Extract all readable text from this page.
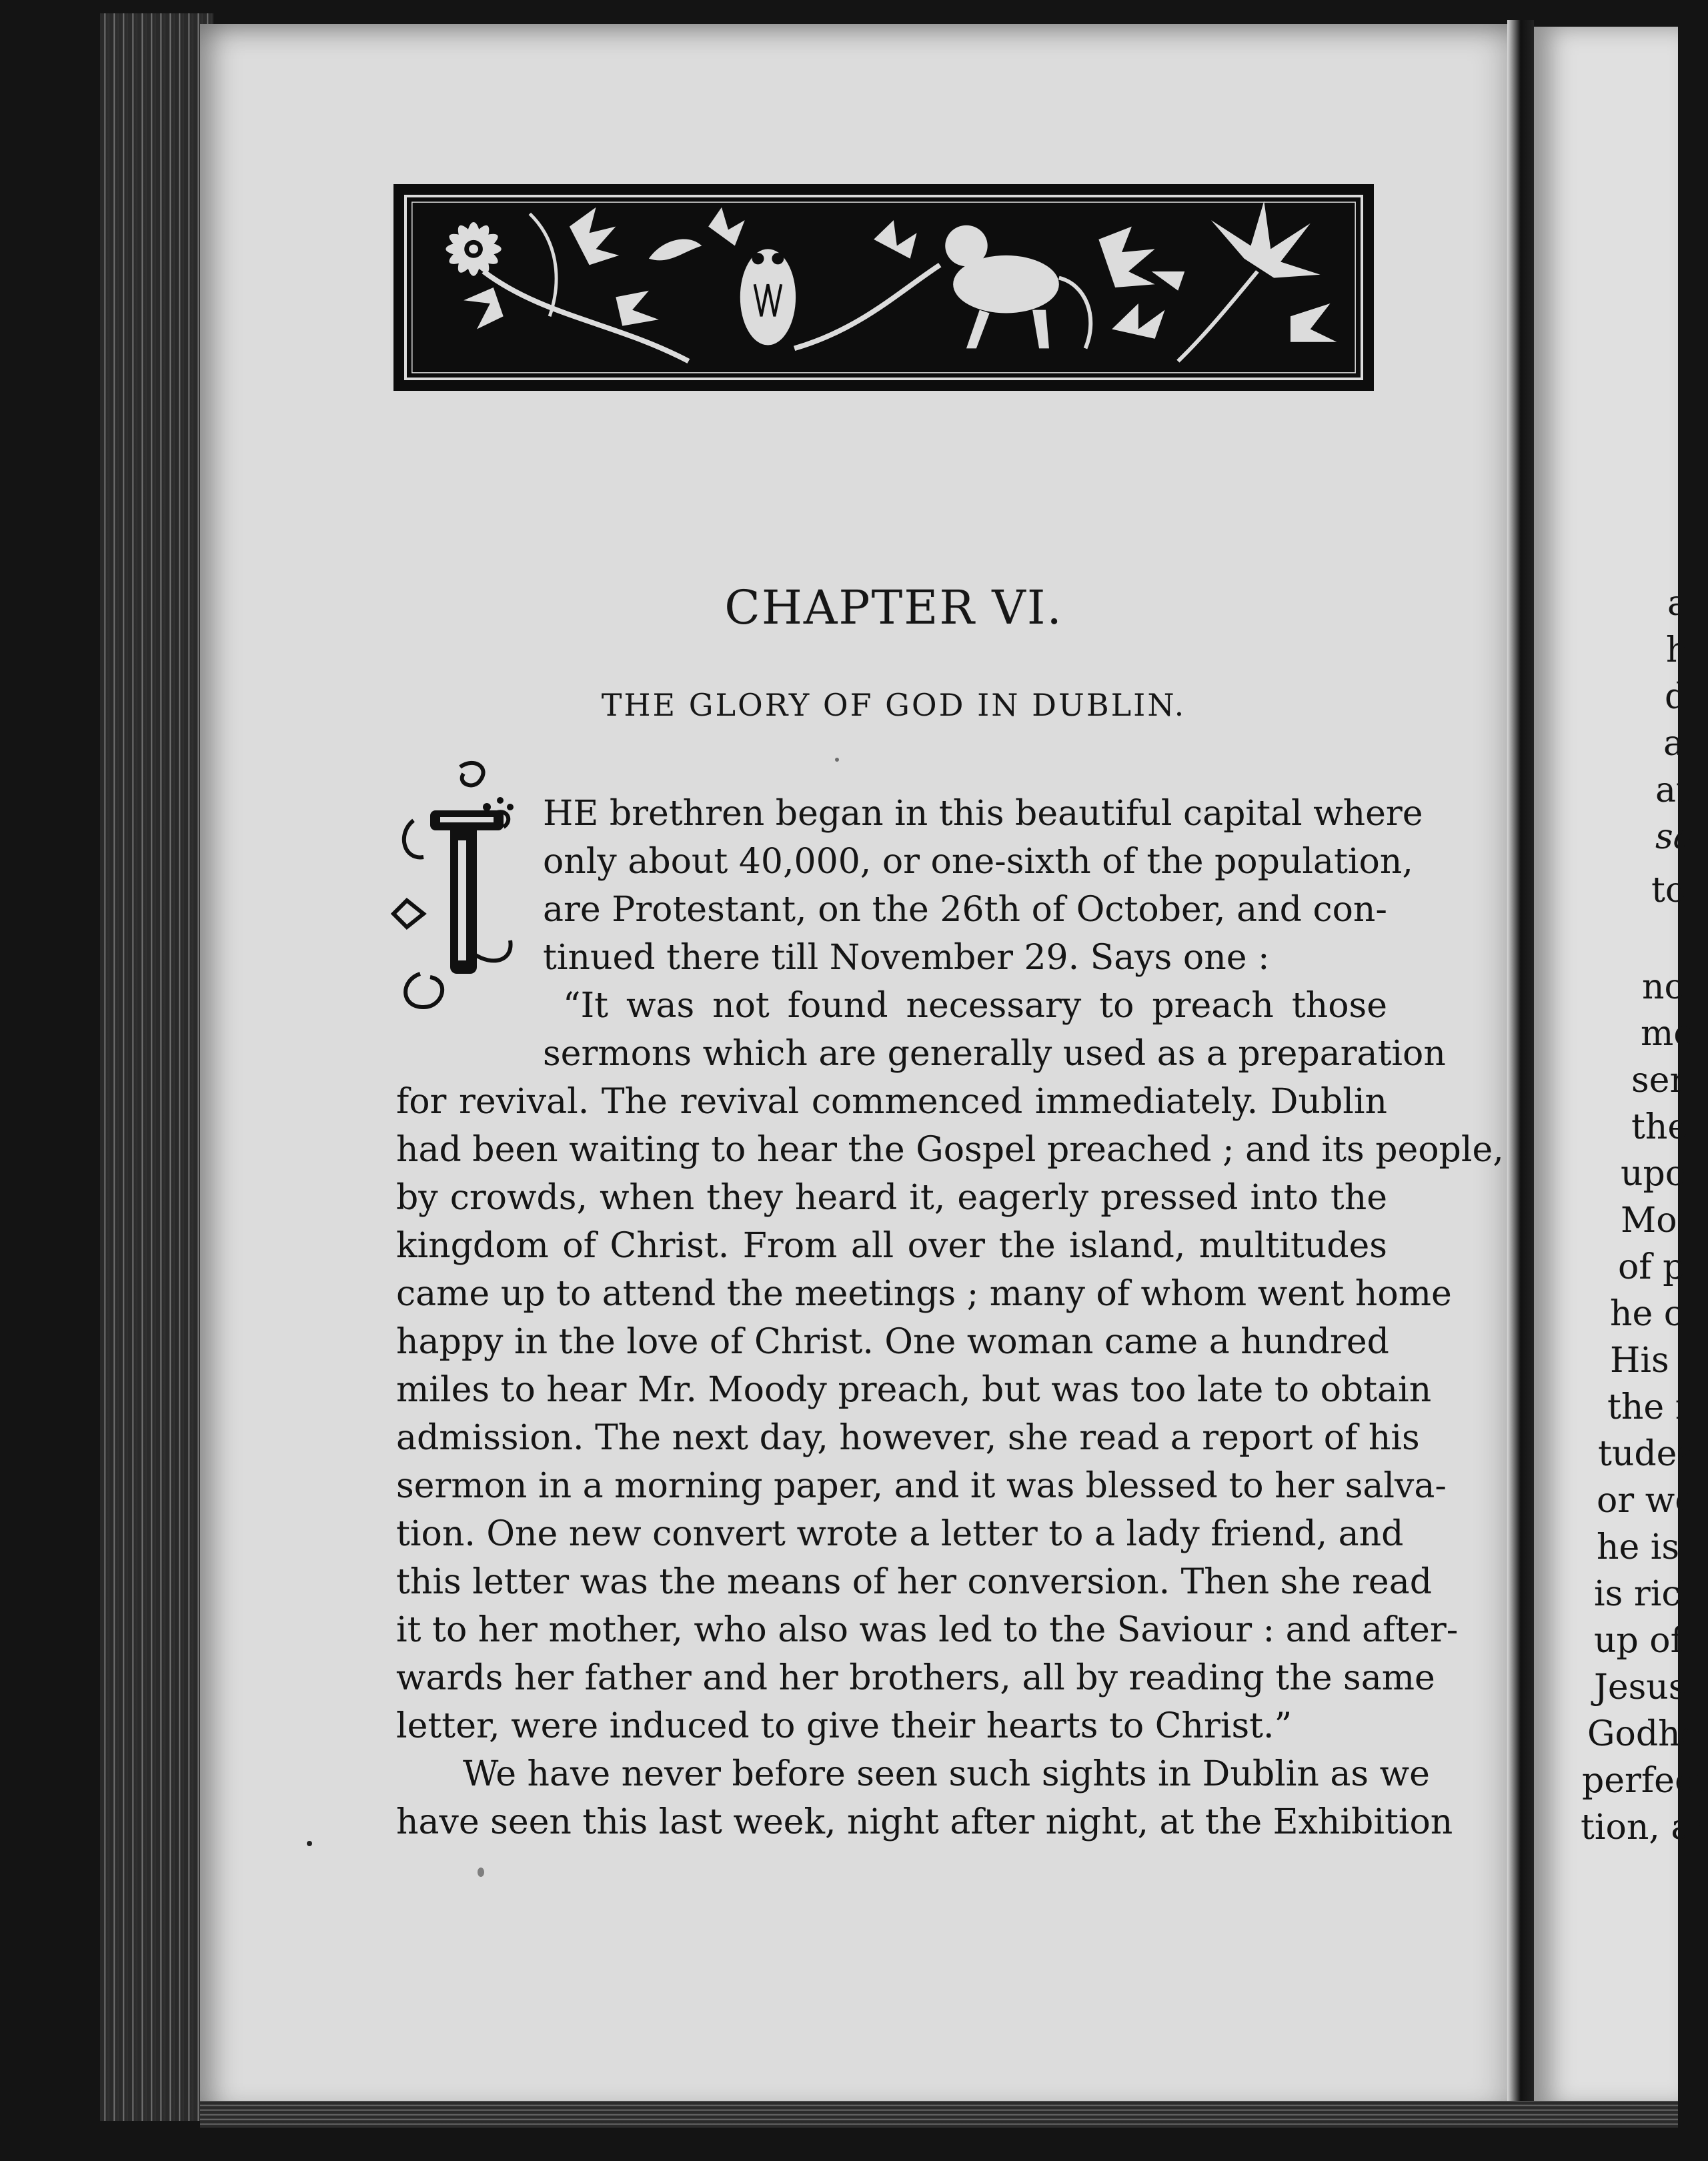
CHAPTER VI.
THE GLORY OF GOD IN DUBLIN.
HE brethren began in this beautiful capital where
only about 40,000, or one-sixth of the population,
are Protestant, on the 26th of October, and con-
tinued there till November 29. Says one :
“It was not found necessary to preach those
sermons which are generally used as a preparation
for revival. The revival commenced immediately. Dublin
had been waiting to hear the Gospel preached ; and its people,
by crowds, when they heard it, eagerly pressed into the
kingdom of Christ. From all over the island, multitudes
came up to attend the meetings ; many of whom went home
happy in the love of Christ. One woman came a hundred
miles to hear Mr. Moody preach, but was too late to obtain
admission. The next day, however, she read a report of his
sermon in a morning paper, and it was blessed to her salva-
tion. One new convert wrote a letter to a lady friend, and
this letter was the means of her conversion. Then she read
it to her mother, who also was led to the Saviour : and after-
wards her father and her brothers, all by reading the same
letter, were induced to give their hearts to Christ.”
We have never before seen such sights in Dublin as we
have seen this last week, night after night, at the Exhibition
a
h
d
a
at
sa
to
no
me
ser
the
upo
Mo
of p
he c
His
the r
tudes
or we
he is
is rich
up of
Jesus
Godhe
perfect
tion, ar
